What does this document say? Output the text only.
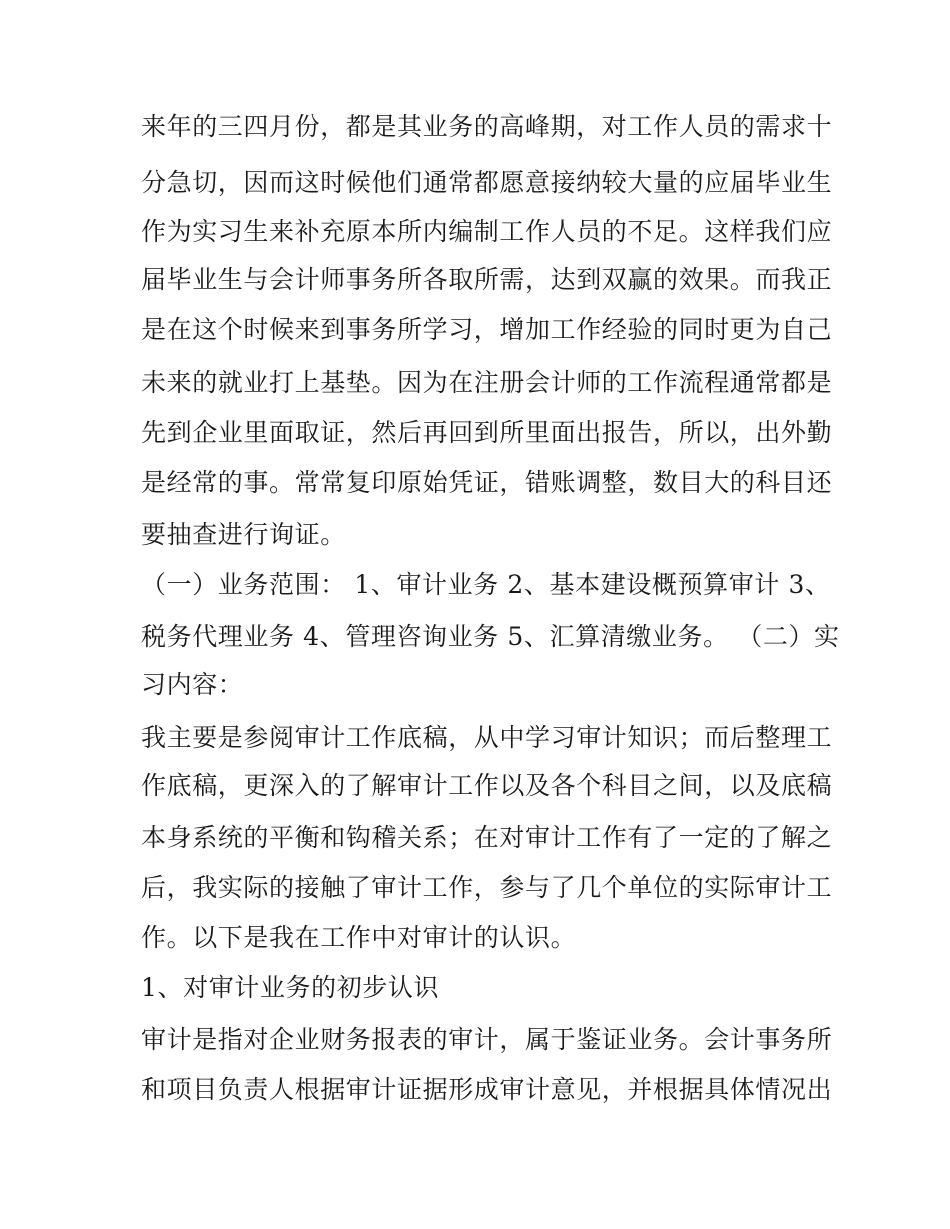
来年的三四月份，都是其业务的高峰期，对工作人员的需求十
分急切，因而这时候他们通常都愿意接纳较大量的应届毕业生
作为实习生来补充原本所内编制工作人员的不足。这样我们应
届毕业生与会计师事务所各取所需，达到双赢的效果。而我正
是在这个时候来到事务所学习，增加工作经验的同时更为自己
未来的就业打上基垫。因为在注册会计师的工作流程通常都是
先到企业里面取证，然后再回到所里面出报告，所以，出外勤
是经常的事。常常复印原始凭证，错账调整，数目大的科目还
要抽查进行询证。
（一）业务范围： 1、审计业务 2、基本建设概预算审计 3、
税务代理业务 4、管理咨询业务 5、汇算清缴业务。 （二）实
习内容：
我主要是参阅审计工作底稿，从中学习审计知识；而后整理工
作底稿，更深入的了解审计工作以及各个科目之间，以及底稿
本身系统的平衡和钩稽关系；在对审计工作有了一定的了解之
后，我实际的接触了审计工作，参与了几个单位的实际审计工
作。以下是我在工作中对审计的认识。
1、对审计业务的初步认识
审计是指对企业财务报表的审计，属于鉴证业务。会计事务所
和项目负责人根据审计证据形成审计意见，并根据具体情况出
